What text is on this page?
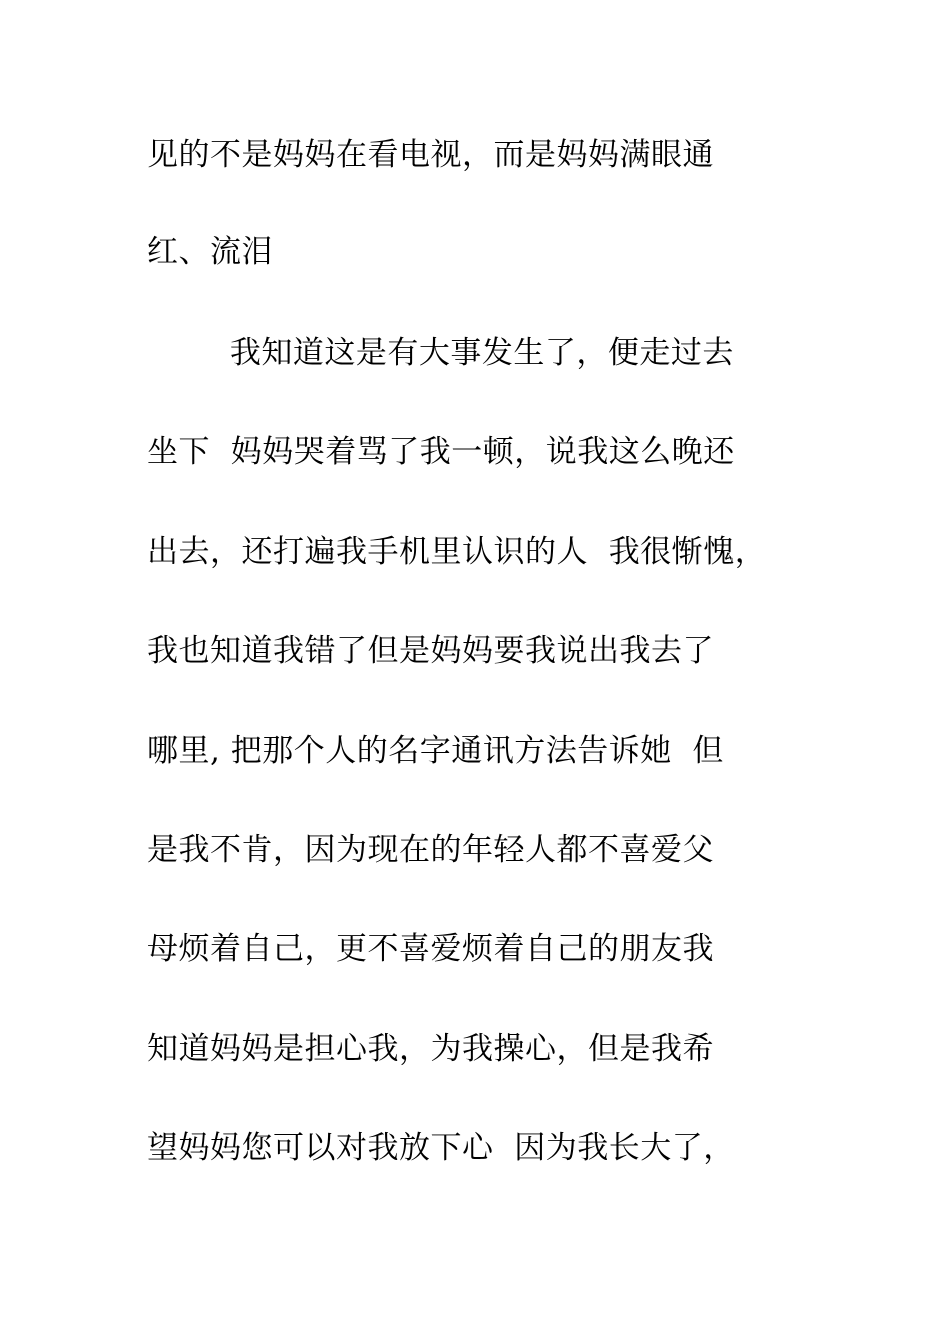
见的不是妈妈在看电视，而是妈妈满眼通
红、流泪
我知道这是有大事发生了，便走过去
坐下  妈妈哭着骂了我一顿，说我这么晚还
出去，还打遍我手机里认识的人  我很惭愧，
我也知道我错了但是妈妈要我说出我去了
哪里, 把那个人的名字通讯方法告诉她  但
是我不肯，因为现在的年轻人都不喜爱父
母烦着自己，更不喜爱烦着自己的朋友我
知道妈妈是担心我，为我操心，但是我希
望妈妈您可以对我放下心  因为我长大了，
